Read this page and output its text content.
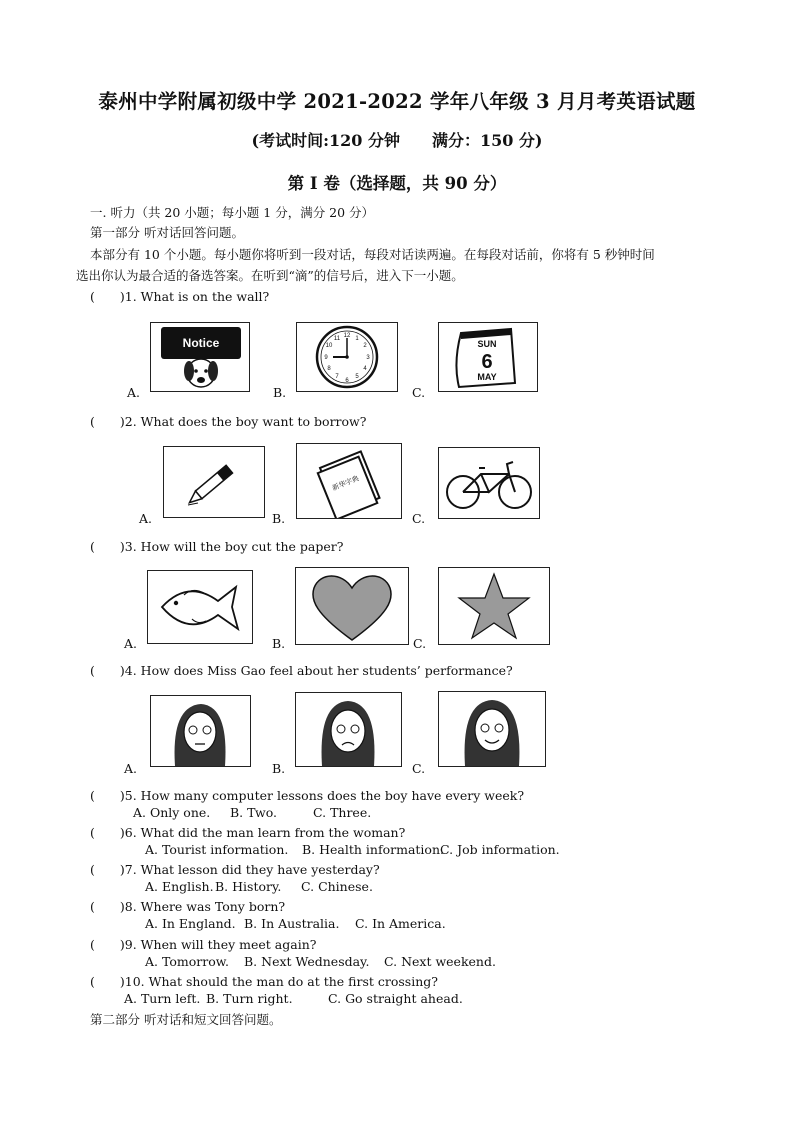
泰州中学附属初级中学 2021-2022 学年八年级 3 月月考英语试题
(考试时间:120 分钟　　满分：150 分)
第 I 卷（选择题，共 90 分）
一. 听力（共 20 小题；每小题 1 分，满分 20 分）
第一部分 听对话回答问题。
本部分有 10 个小题。每小题你将听到一段对话，每段对话读两遍。在每段对话前，你将有 5 秒钟时间
选出你认为最合适的备选答案。在听到“滴”的信号后，进入下一小题。
(　　)1. What is on the wall?
A.
Notice
B.
12 1
2
3
4
5
6
7
8
9
10
11
C.
SUN
6
MAY
(　　)2. What does the boy want to borrow?
A.	B.
新华字典
C.
(　　)3. How will the boy cut the paper?
A.	B.	C.
(　　)4. How does Miss Gao feel about her students’ performance?
A.	B.	C.
(　　)5. How many computer lessons does the boy have every week?
A. Only one. B. Two.	C. Three.
(　　)6. What did the man learn from the woman?
A. Tourist information. B. Health information.
C. Job information.
(　　)7. What lesson did they have yesterday?
A. English. B. History. C. Chinese.
(　　)8. Where was Tony born?
A. In England. B. In Australia. C. In America.
(　　)9. When will they meet again?
A. Tomorrow. B. Next Wednesday. C. Next weekend.
(　　)10. What should the man do at the first crossing?
A. Turn left. B. Turn right.	C. Go straight ahead.
第二部分 听对话和短文回答问题。
